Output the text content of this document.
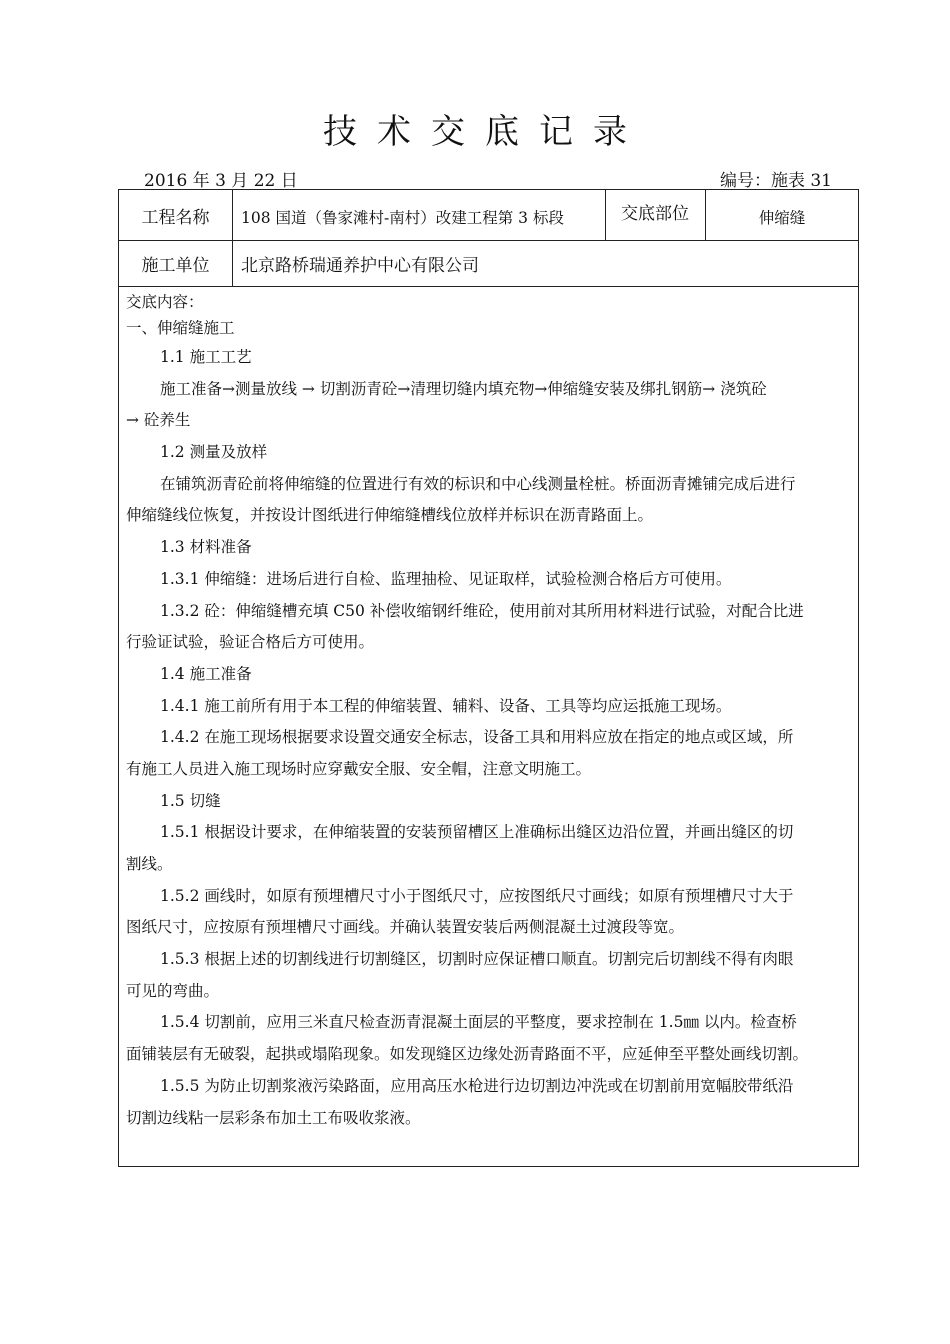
技术交底记录
2016 年 3 月 22 日	编号：施表 31
工程名称	108 国道（鲁家滩村-南村）改建工程第 3 标段	交底部位	伸缩缝
施工单位	北京路桥瑞通养护中心有限公司
交底内容：
一、伸缩缝施工
1.1 施工工艺
施工准备→测量放线 → 切割沥青砼→清理切缝内填充物→伸缩缝安装及绑扎钢筋→ 浇筑砼
→ 砼养生
1.2 测量及放样
在铺筑沥青砼前将伸缩缝的位置进行有效的标识和中心线测量栓桩。桥面沥青摊铺完成后进行
伸缩缝线位恢复，并按设计图纸进行伸缩缝槽线位放样并标识在沥青路面上。
1.3 材料准备
1.3.1 伸缩缝：进场后进行自检、监理抽检、见证取样，试验检测合格后方可使用。
1.3.2 砼：伸缩缝槽充填 C50 补偿收缩钢纤维砼，使用前对其所用材料进行试验，对配合比进
行验证试验，验证合格后方可使用。
1.4 施工准备
1.4.1 施工前所有用于本工程的伸缩装置、辅料、设备、工具等均应运抵施工现场。
1.4.2 在施工现场根据要求设置交通安全标志，设备工具和用料应放在指定的地点或区域，所
有施工人员进入施工现场时应穿戴安全服、安全帽，注意文明施工。
1.5 切缝
1.5.1 根据设计要求，在伸缩装置的安装预留槽区上准确标出缝区边沿位置，并画出缝区的切
割线。
1.5.2 画线时，如原有预埋槽尺寸小于图纸尺寸，应按图纸尺寸画线；如原有预埋槽尺寸大于
图纸尺寸，应按原有预埋槽尺寸画线。并确认装置安装后两侧混凝土过渡段等宽。
1.5.3 根据上述的切割线进行切割缝区，切割时应保证槽口顺直。切割完后切割线不得有肉眼
可见的弯曲。
1.5.4 切割前，应用三米直尺检查沥青混凝土面层的平整度，要求控制在 1.5㎜ 以内。检查桥
面铺装层有无破裂，起拱或塌陷现象。如发现缝区边缘处沥青路面不平，应延伸至平整处画线切割。
1.5.5 为防止切割浆液污染路面，应用高压水枪进行边切割边冲洗或在切割前用宽幅胶带纸沿
切割边线粘一层彩条布加土工布吸收浆液。
